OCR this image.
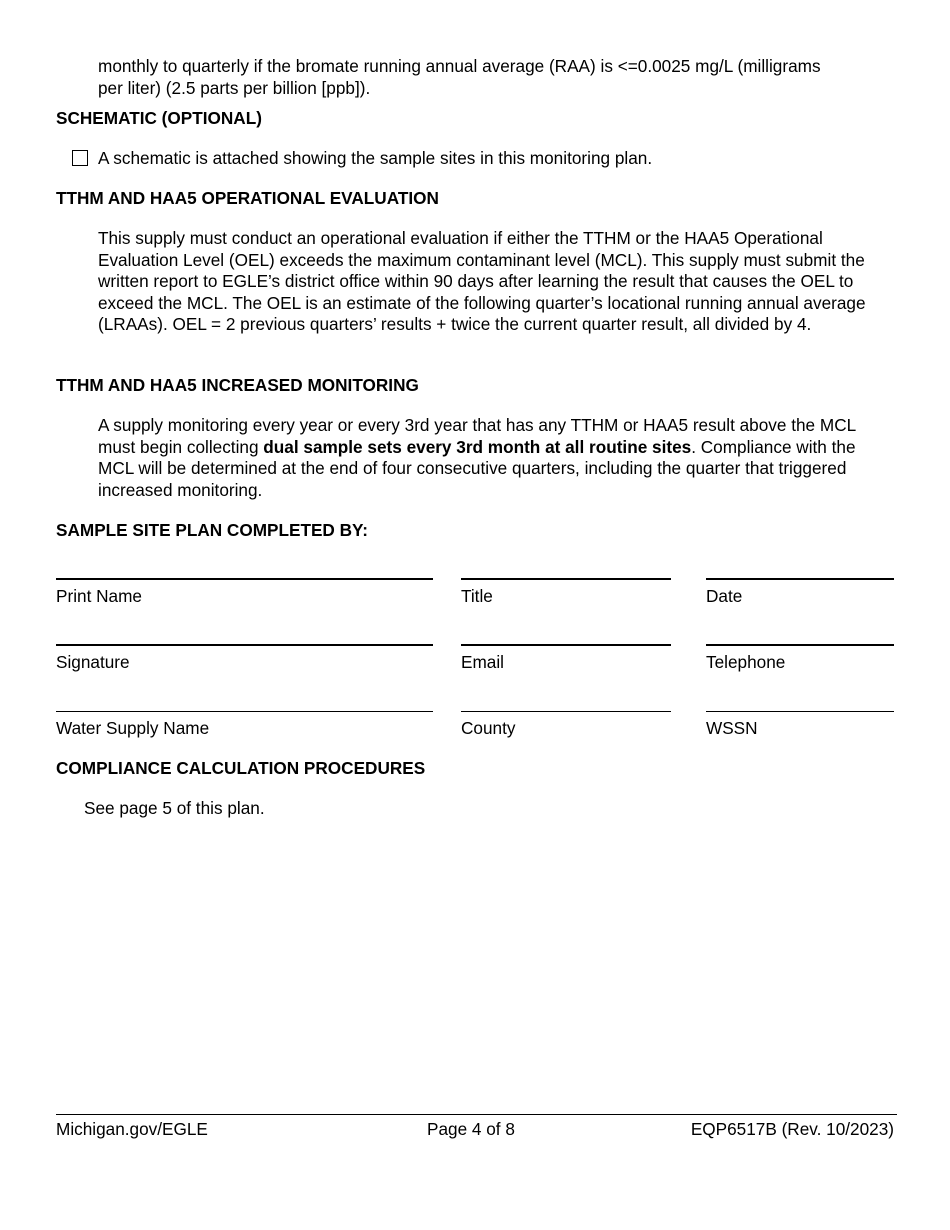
monthly to quarterly if the bromate running annual average (RAA) is <=0.0025 mg/L (milligrams
per liter) (2.5 parts per billion [ppb]).
SCHEMATIC (OPTIONAL)
A schematic is attached showing the sample sites in this monitoring plan.
TTHM AND HAA5 OPERATIONAL EVALUATION
This supply must conduct an operational evaluation if either the TTHM or the HAA5 Operational Evaluation Level (OEL) exceeds the maximum contaminant level (MCL). This supply must submit the written report to EGLE’s district office within 90 days after learning the result that causes the OEL to exceed the MCL. The OEL is an estimate of the following quarter’s locational running annual average (LRAAs). OEL = 2 previous quarters’ results + twice the current quarter result, all divided by 4.
TTHM AND HAA5 INCREASED MONITORING
A supply monitoring every year or every 3rd year that has any TTHM or HAA5 result above the MCL must begin collecting dual sample sets every 3rd month at all routine sites. Compliance with the MCL will be determined at the end of four consecutive quarters, including the quarter that triggered increased monitoring.
SAMPLE SITE PLAN COMPLETED BY:
Print Name	Title	Date
Signature	Email	Telephone
Water Supply Name	County	WSSN
COMPLIANCE CALCULATION PROCEDURES
See page 5 of this plan.
Michigan.gov/EGLE	Page 4 of 8	EQP6517B (Rev. 10/2023)
